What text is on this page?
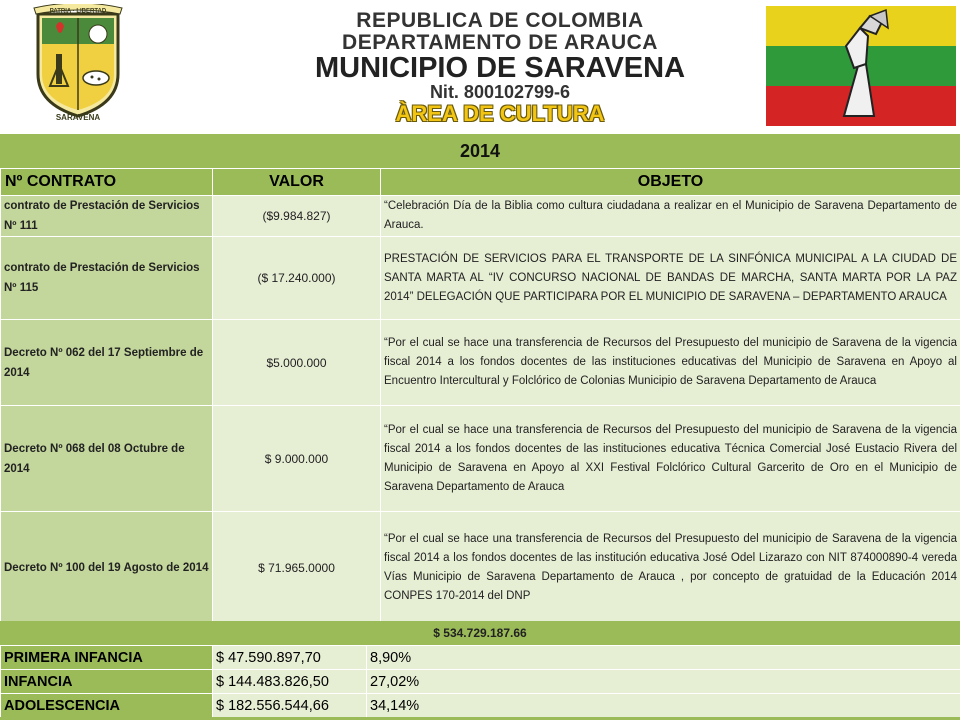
PATRIA · LIBERTAD
SARAVENA
REPUBLICA DE COLOMBIA
DEPARTAMENTO DE ARAUCA
MUNICIPIO DE SARAVENA
Nit. 800102799-6
ÀREA DE CULTURA
2014
Nº CONTRATO	VALOR	OBJETO
contrato de Prestación de Servicios Nº 111	($9.984.827)	“Celebración Día de la Biblia como cultura ciudadana a realizar en el Municipio de Saravena Departamento de Arauca.
contrato de Prestación de Servicios Nº 115	($ 17.240.000)	PRESTACIÓN DE SERVICIOS PARA EL TRANSPORTE DE LA SINFÓNICA MUNICIPAL A LA CIUDAD DE SANTA MARTA AL “IV CONCURSO NACIONAL DE BANDAS DE MARCHA, SANTA MARTA POR LA PAZ 2014” DELEGACIÓN QUE PARTICIPARA POR EL MUNICIPIO DE SARAVENA – DEPARTAMENTO ARAUCA
Decreto Nº 062 del 17 Septiembre de 2014	$5.000.000	“Por el cual se hace una transferencia de Recursos del Presupuesto del municipio de Saravena de la vigencia fiscal 2014 a los fondos docentes de las instituciones educativas del Municipio de Saravena en Apoyo al Encuentro Intercultural y Folclórico de Colonias Municipio de Saravena Departamento de Arauca
Decreto Nº 068 del 08 Octubre de 2014	$ 9.000.000	“Por el cual se hace una transferencia de Recursos del Presupuesto del municipio de Saravena de la vigencia fiscal 2014 a los fondos docentes de las instituciones educativa Técnica Comercial José Eustacio Rivera del Municipio de Saravena en Apoyo al XXI Festival Folclórico Cultural Garcerito de Oro en el Municipio de Saravena Departamento de Arauca
Decreto Nº 100 del 19 Agosto de 2014	$ 71.965.0000	“Por el cual se hace una transferencia de Recursos del Presupuesto del municipio de Saravena de la vigencia fiscal 2014 a los fondos docentes de las institución educativa José Odel Lizarazo con NIT 874000890-4 vereda Vías Municipio de Saravena Departamento de Arauca , por concepto de gratuidad de la Educación 2014 CONPES 170-2014 del DNP
$ 534.729.187.66
PRIMERA INFANCIA	$ 47.590.897,70	8,90%
INFANCIA	$ 144.483.826,50	27,02%
ADOLESCENCIA	$ 182.556.544,66	34,14%
